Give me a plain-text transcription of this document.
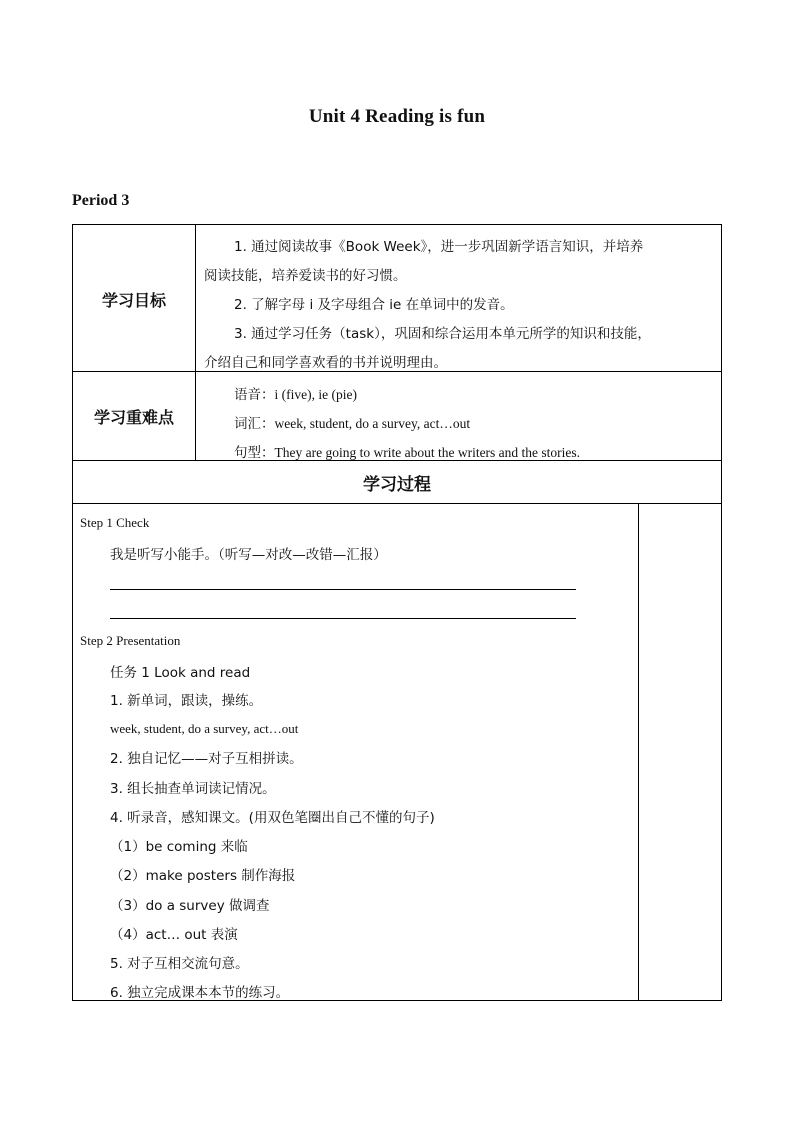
Unit 4 Reading is fun
Period 3
学习目标
1. 通过阅读故事《Book Week》，进一步巩固新学语言知识，并培养
阅读技能，培养爱读书的好习惯。
2. 了解字母 i 及字母组合 ie 在单词中的发音。
3. 通过学习任务（task），巩固和综合运用本单元所学的知识和技能，
介绍自己和同学喜欢看的书并说明理由。
学习重难点
语音：i (five), ie (pie)
词汇：week, student, do a survey, act…out
句型：They are going to write about the writers and the stories.
学习过程
Step 1 Check
我是听写小能手。（听写—对改—改错—汇报）
Step 2 Presentation
任务 1 Look and read
1. 新单词，跟读，操练。
week, student, do a survey, act…out
2. 独自记忆——对子互相拼读。
3. 组长抽查单词读记情况。
4. 听录音，感知课文。(用双色笔圈出自己不懂的句子)
（1）be coming 来临
（2）make posters 制作海报
（3）do a survey 做调查
（4）act… out 表演
5. 对子互相交流句意。
6. 独立完成课本本节的练习。
